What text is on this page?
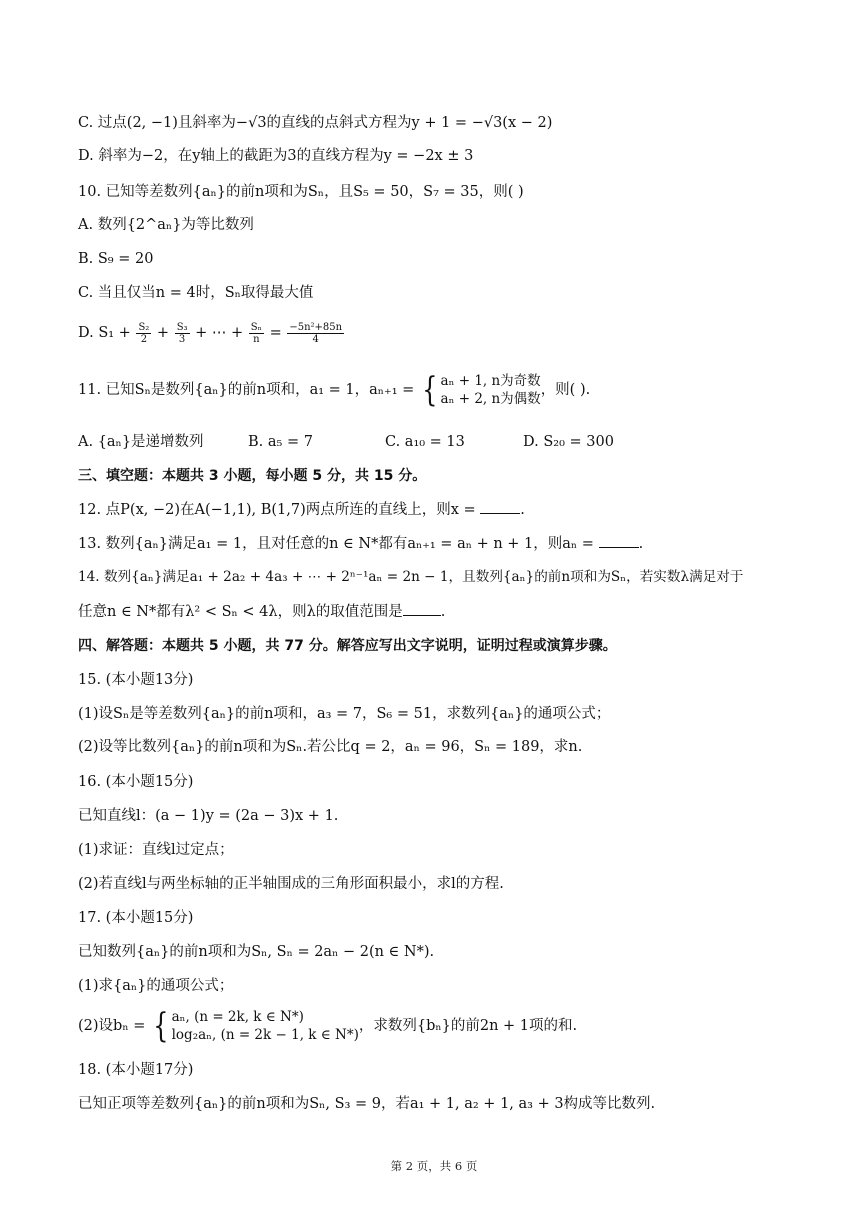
C. 过点(2, −1)且斜率为−√3的直线的点斜式方程为y + 1 = −√3(x − 2)
D. 斜率为−2，在y轴上的截距为3的直线方程为y = −2x ± 3
10. 已知等差数列{aₙ}的前n项和为Sₙ，且S₅ = 50，S₇ = 35，则( )
A. 数列{2^aₙ}为等比数列
B. S₉ = 20
C. 当且仅当n = 4时，Sₙ取得最大值
D. $S_1 + \frac{\text{S₂}}{2} + \frac{\text{S₃}}{3}$ + ⋯ + $\frac{\text{Sₙ}}{n} = \frac{\text{−5n²+85n}}{4}$
11. 已知Sₙ是数列{aₙ}的前n项和，a₁ = 1，aₙ₊₁ = { aₙ + 1, n为奇数
aₙ + 2, n为偶数
，则( ).
A. {aₙ}是递增数列	B. a₅ = 7	C. a₁₀ = 13	D. S₂₀ = 300
三、填空题：本题共 3 小题，每小题 5 分，共 15 分。
12. 点P(x, −2)在A(−1,1), B(1,7)两点所连的直线上，则x =	.
13. 数列{aₙ}满足a₁ = 1，且对任意的n ∈ N*都有aₙ₊₁ = aₙ + n + 1，则aₙ =	.
14. 数列{aₙ}满足a₁ + 2a₂ + 4a₃ + ⋯ + 2ⁿ⁻¹aₙ = 2n − 1，且数列{aₙ}的前n项和为Sₙ，若实数λ满足对于
任意n ∈ N*都有λ² < Sₙ < 4λ，则λ的取值范围是	.
四、解答题：本题共 5 小题，共 77 分。解答应写出文字说明，证明过程或演算步骤。
15. (本小题13分)
(1)设Sₙ是等差数列{aₙ}的前n项和，a₃ = 7，S₆ = 51，求数列{aₙ}的通项公式；
(2)设等比数列{aₙ}的前n项和为Sₙ.若公比q = 2，aₙ = 96，Sₙ = 189，求n.
16. (本小题15分)
已知直线l：(a − 1)y = (2a − 3)x + 1.
(1)求证：直线l过定点；
(2)若直线l与两坐标轴的正半轴围成的三角形面积最小，求l的方程.
17. (本小题15分)
已知数列{aₙ}的前n项和为Sₙ, Sₙ = 2aₙ − 2(n ∈ N*).
(1)求{aₙ}的通项公式；
(2)设bₙ = { aₙ, (n = 2k, k ∈ N*)
log₂aₙ, (n = 2k − 1, k ∈ N*)
，求数列{bₙ}的前2n + 1项的和.
18. (本小题17分)
已知正项等差数列{aₙ}的前n项和为Sₙ, S₃ = 9，若a₁ + 1, a₂ + 1, a₃ + 3构成等比数列.
第 2 页，共 6 页
